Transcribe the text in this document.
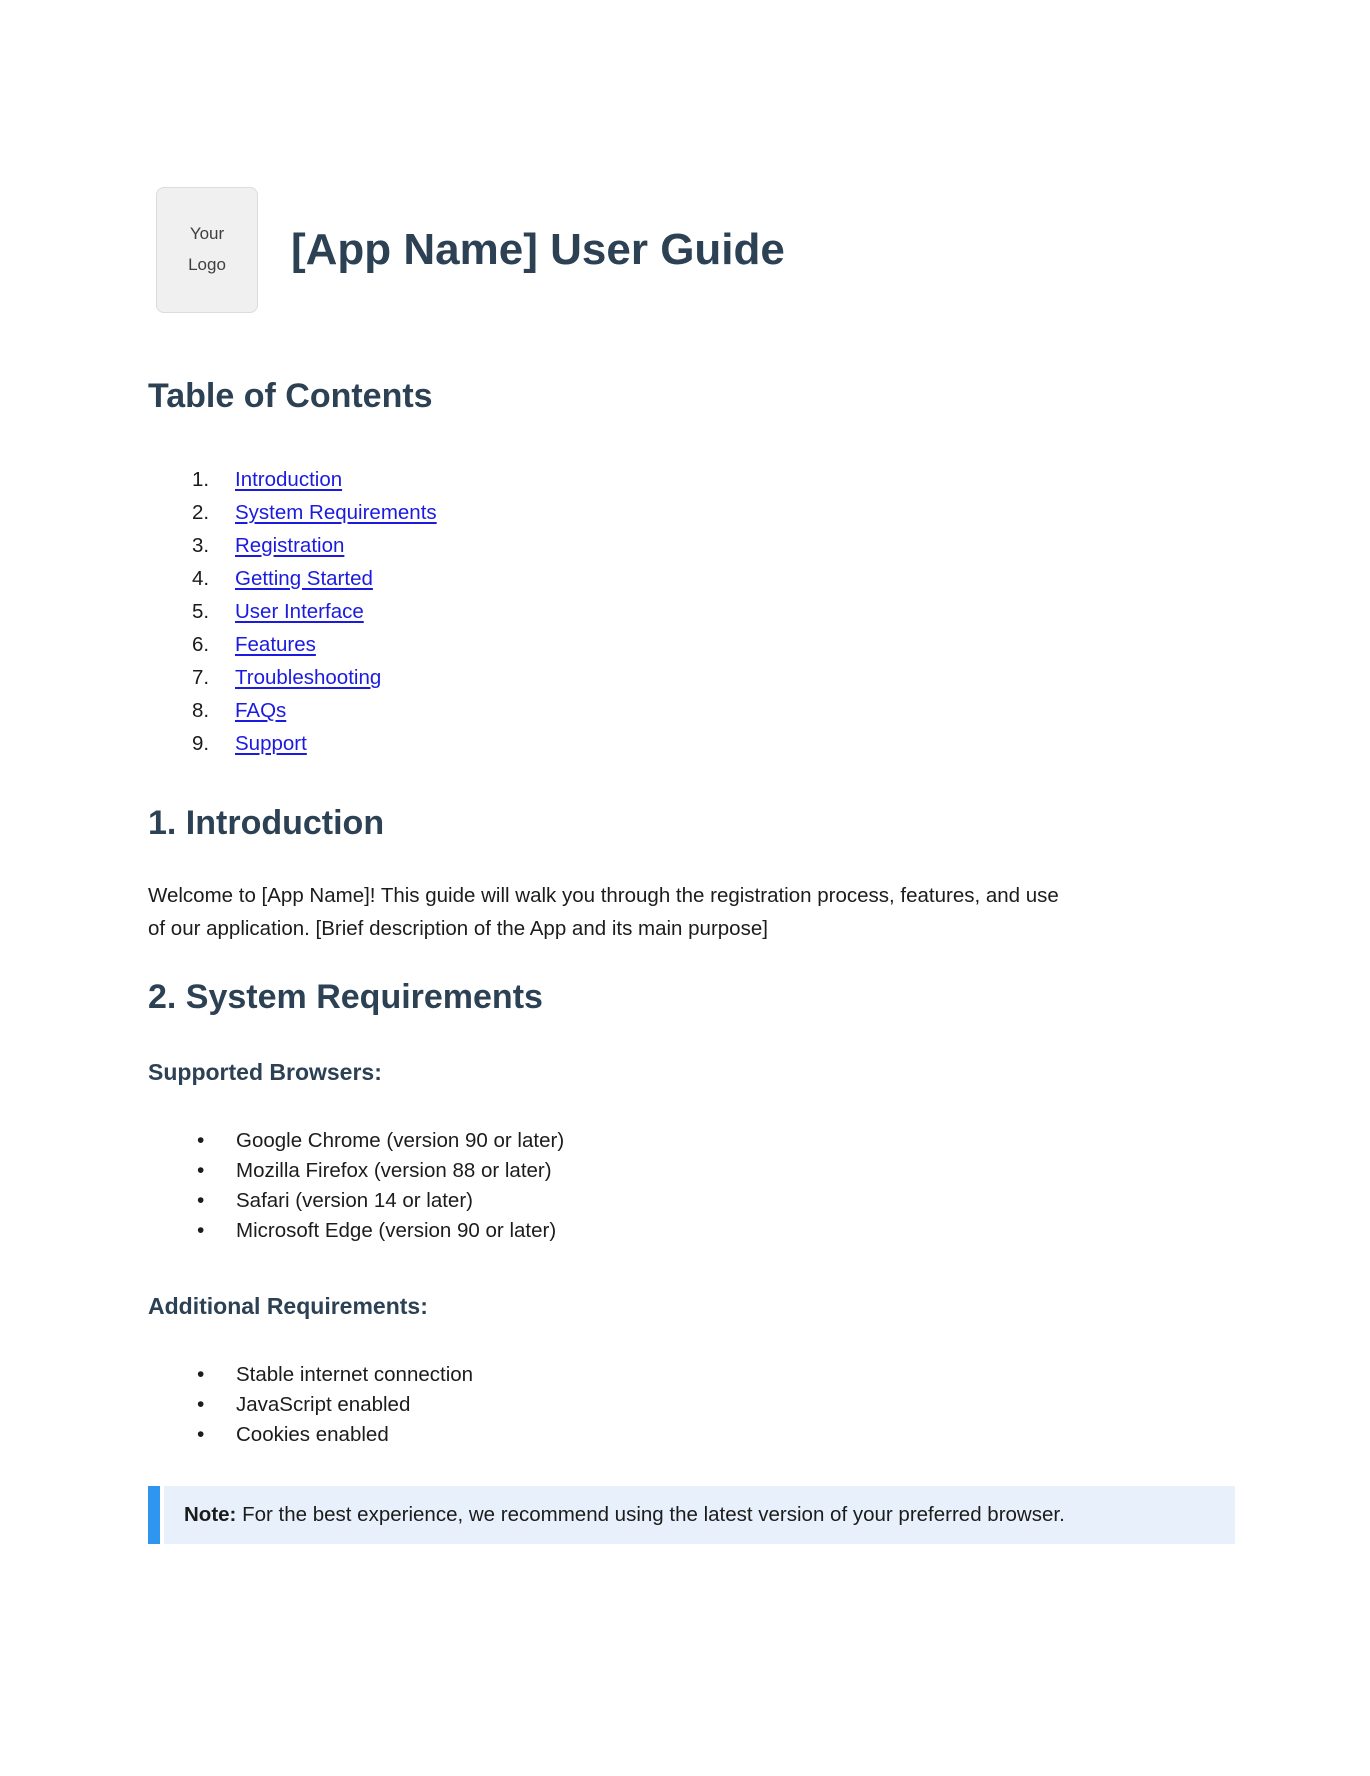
Your
Logo [App Name] User Guide
Table of Contents
1.	Introduction
2.	System Requirements
3.	Registration
4.	Getting Started
5.	User Interface
6.	Features
7.	Troubleshooting
8.	FAQs
9.	Support
1. Introduction

Welcome to [App Name]! This guide will walk you through the registration process, features, and use of our application. [Brief description of the App and its main purpose]

2. System Requirements
Supported Browsers:
• Google Chrome (version 90 or later)
• Mozilla Firefox (version 88 or later)
• Safari (version 14 or later)
• Microsoft Edge (version 90 or later)
Additional Requirements:
• Stable internet connection
• JavaScript enabled
• Cookies enabled
Note: For the best experience, we recommend using the latest version of your preferred browser.
